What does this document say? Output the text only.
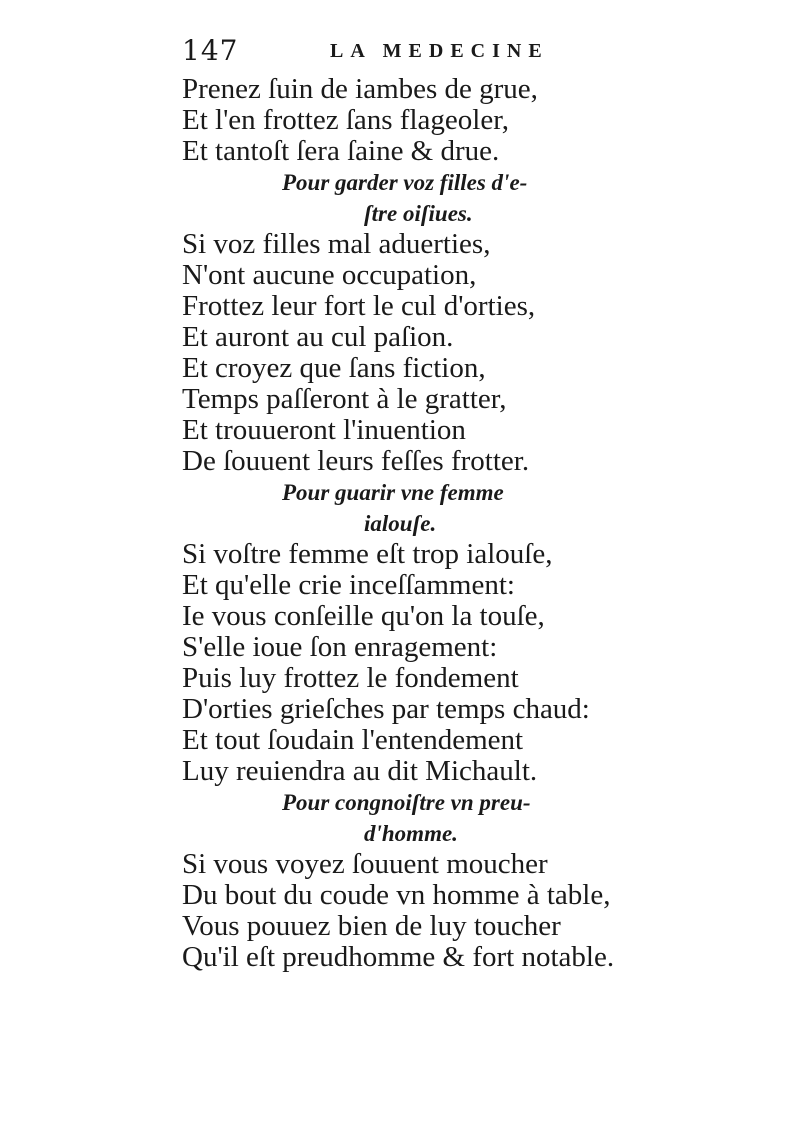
147	LA MEDECINE
Prenez ſuin de iambes de grue,
Et l'en frottez ſans flageoler,
Et tantoſt ſera ſaine & drue.
Pour garder voz filles d'e-
ſtre oiſiues.
Si voz filles mal aduerties,
N'ont aucune occupation,
Frottez leur fort le cul d'orties,
Et auront au cul paſion.
Et croyez que ſans fiction,
Temps paſſeront à le gratter,
Et trouueront l'inuention
De ſouuent leurs feſſes frotter.
Pour guarir vne femme
ialouſe.
Si voſtre femme eſt trop ialouſe,
Et qu'elle crie inceſſamment:
Ie vous conſeille qu'on la touſe,
S'elle ioue ſon enragement:
Puis luy frottez le fondement
D'orties grieſches par temps chaud:
Et tout ſoudain l'entendement
Luy reuiendra au dit Michault.
Pour congnoiſtre vn preu-
d'homme.
Si vous voyez ſouuent moucher
Du bout du coude vn homme à table,
Vous pouuez bien de luy toucher
Qu'il eſt preudhomme & fort notable.
